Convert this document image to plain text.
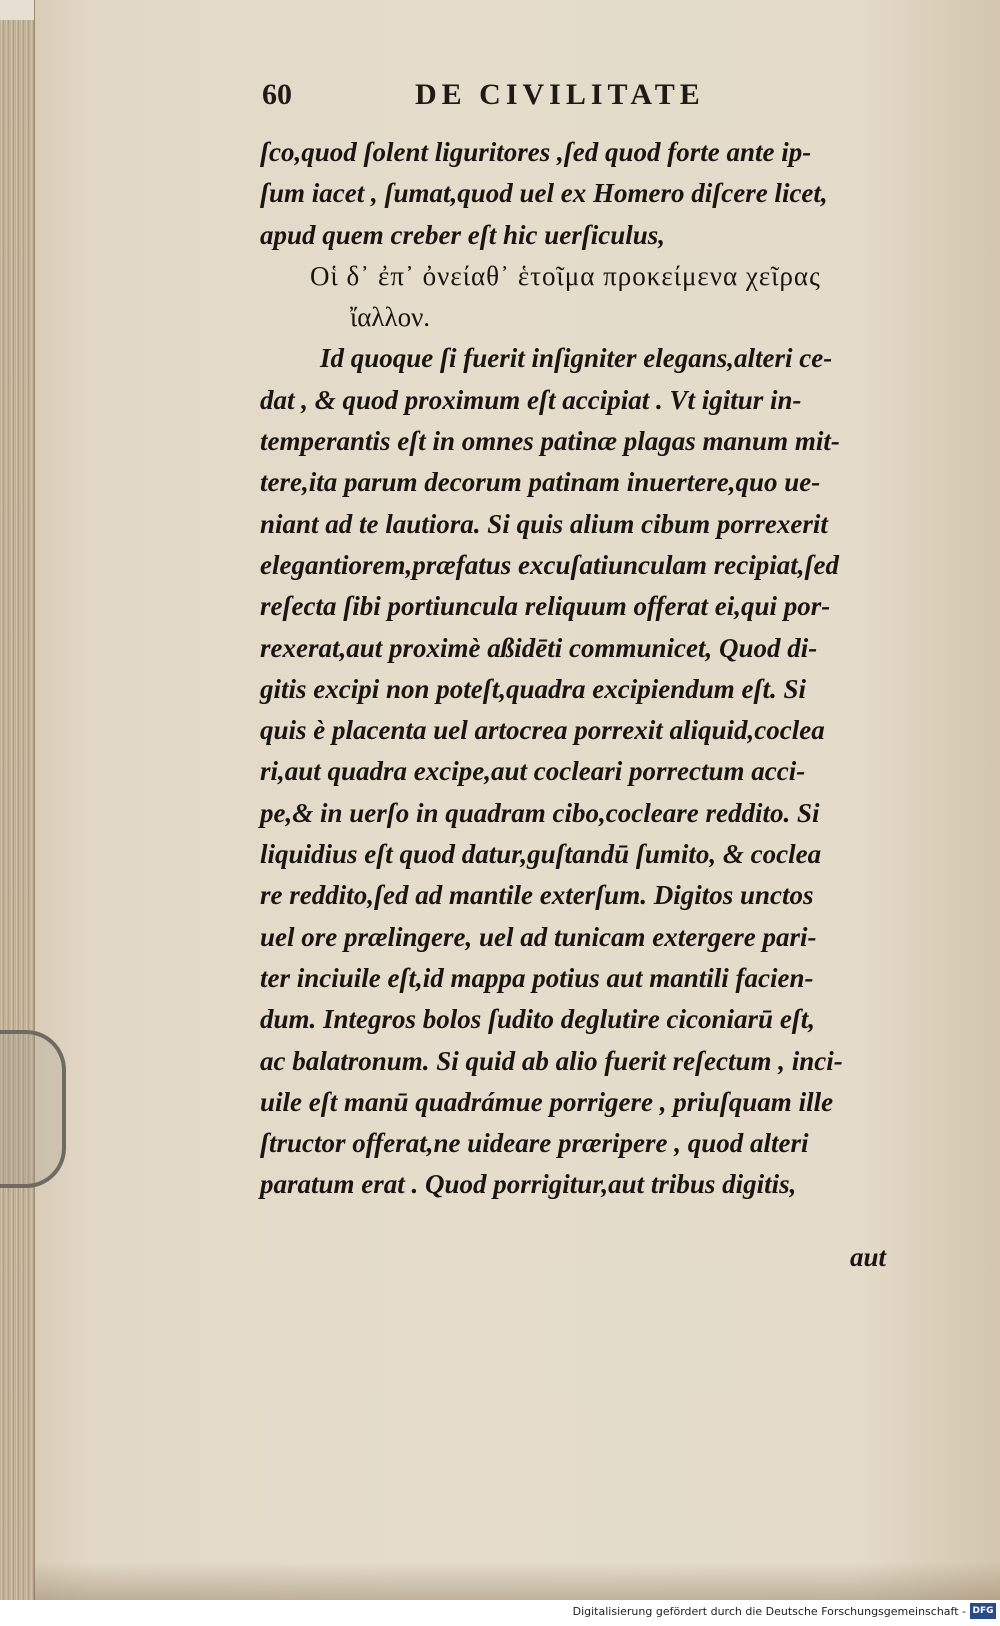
60	DE CIVILITATE
ſco,quod ſolent liguritores ,ſed quod forte ante ip-
ſum iacet , ſumat,quod uel ex Homero diſcere licet,
apud quem creber eſt hic uerſiculus,
Οἱ δ᾽ ἐπ᾽ ὀνείαθ᾽ ἑτοῖμα προκείμενα χεῖρας
ἴαλλον.
Id quoque ſi fuerit inſigniter elegans,alteri ce-
dat , & quod proximum eſt accipiat . Vt igitur in-
temperantis eſt in omnes patinæ plagas manum mit-
tere,ita parum decorum patinam inuertere,quo ue-
niant ad te lautiora. Si quis alium cibum porrexerit
elegantiorem,præfatus excuſatiunculam recipiat,ſed
reſecta ſibi portiuncula reliquum offerat ei,qui por-
rexerat,aut proximè aßidēti communicet, Quod di-
gitis excipi non poteſt,quadra excipiendum eſt. Si
quis è placenta uel artocrea porrexit aliquid,coclea
ri,aut quadra excipe,aut cocleari porrectum acci-
pe,& in uerſo in quadram cibo,cocleare reddito. Si
liquidius eſt quod datur,guſtandū ſumito, & coclea
re reddito,ſed ad mantile exterſum. Digitos unctos
uel ore prælingere, uel ad tunicam extergere pari-
ter inciuile eſt,id mappa potius aut mantili facien-
dum. Integros bolos ſudito deglutire ciconiarū eſt,
ac balatronum. Si quid ab alio fuerit reſectum , inci-
uile eſt manū quadrámue porrigere , priuſquam ille
ſtructor offerat,ne uideare præripere , quod alteri
paratum erat . Quod porrigitur,aut tribus digitis,
aut
Digitalisierung gefördert durch die Deutsche Forschungsgemeinschaft - DFG
